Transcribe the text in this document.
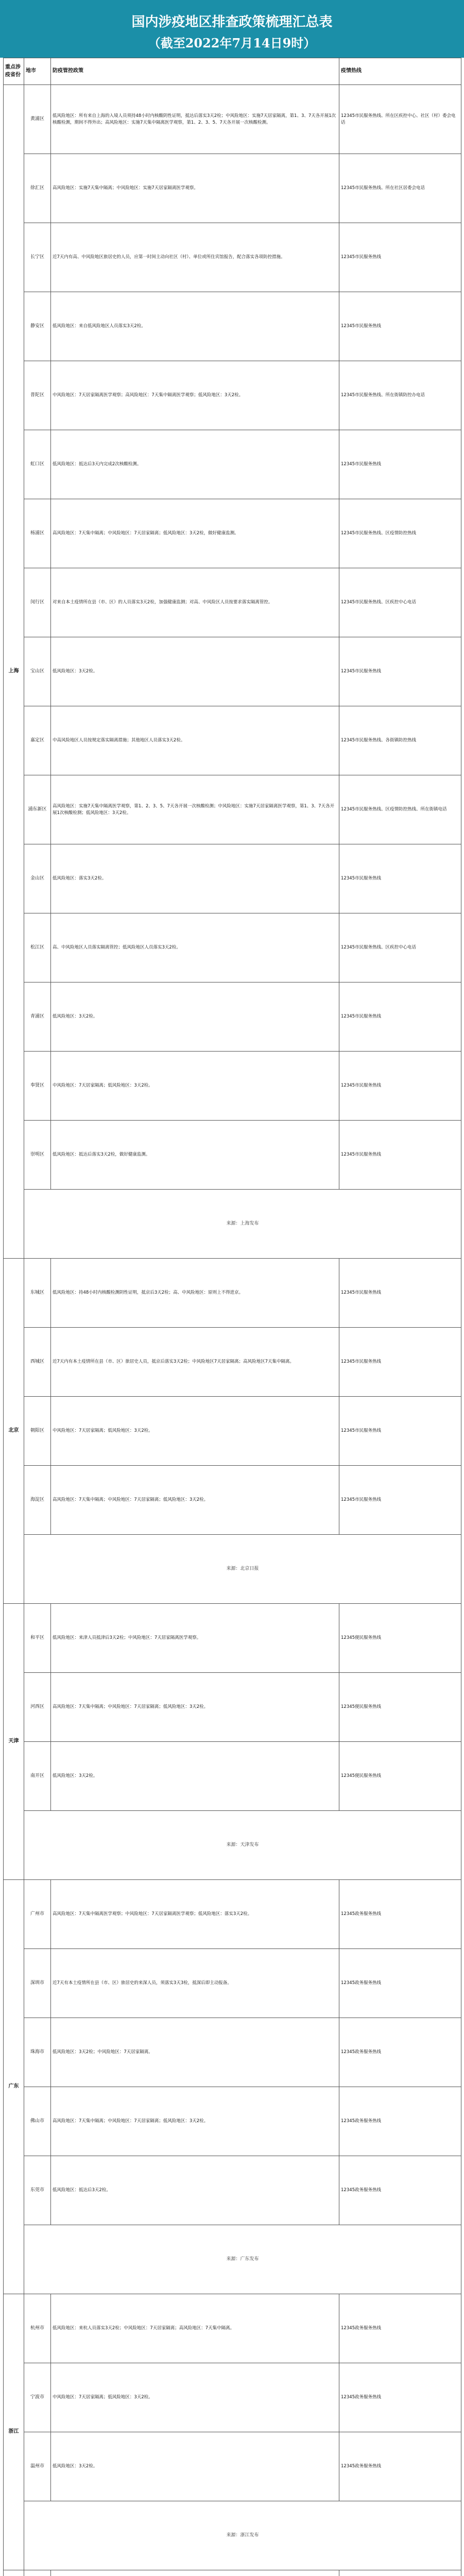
国内涉疫地区排查政策梳理汇总表
（截至2022年7月14日9时）
重点涉疫省份	地市	防疫管控政策	疫情热线
上海	黄浦区	低风险地区：所有来自上海的入境人员须持48小时内核酸阴性证明，抵达后落实3天2检；中风险地区：实施7天居家隔离，第1、3、7天各开展1次核酸检测，期间不得外出；高风险地区：实施7天集中隔离医学观察，第1、2、3、5、7天各开展一次核酸检测。	12345市民服务热线、所在区疾控中心、社区（村）委会电话
	徐汇区	高风险地区：实施7天集中隔离；中风险地区：实施7天居家隔离医学观察。	12345市民服务热线、所在社区居委会电话
	长宁区	近7天内有高、中风险地区旅居史的人员，应第一时间主动向社区（村）、单位或所住宾馆报告，配合落实各项防控措施。	12345市民服务热线
	静安区	低风险地区：来自低风险地区人员落实3天2检。	12345市民服务热线
	普陀区	中风险地区：7天居家隔离医学观察；高风险地区：7天集中隔离医学观察；低风险地区：3天2检。	12345市民服务热线、所在街镇防控办电话
	虹口区	低风险地区：抵达后3天内完成2次核酸检测。	12345市民服务热线
	杨浦区	高风险地区：7天集中隔离；中风险地区：7天居家隔离；低风险地区：3天2检，做好健康监测。	12345市民服务热线、区疫情防控热线
	闵行区	对来自本土疫情所在县（市、区）的人员落实3天2检，加强健康监测；对高、中风险区人员按要求落实隔离管控。	12345市民服务热线、区疾控中心电话
	宝山区	低风险地区：3天2检。	12345市民服务热线
	嘉定区	中高风险地区人员按规定落实隔离措施；其他地区人员落实3天2检。	12345市民服务热线、各街镇防控热线
	浦东新区	高风险地区：实施7天集中隔离医学观察，第1、2、3、5、7天各开展一次核酸检测；中风险地区：实施7天居家隔离医学观察，第1、3、7天各开展1次核酸检测；低风险地区：3天2检。	12345市民服务热线、区疫情防控热线、所在街镇电话
	金山区	低风险地区：落实3天2检。	12345市民服务热线
	松江区	高、中风险地区人员落实隔离管控；低风险地区人员落实3天2检。	12345市民服务热线、区疾控中心电话
	青浦区	低风险地区：3天2检。	12345市民服务热线
	奉贤区	中风险地区：7天居家隔离；低风险地区：3天2检。	12345市民服务热线
	崇明区	低风险地区：抵达后落实3天2检，做好健康监测。	12345市民服务热线
	来源：上海发布		
北京	东城区	低风险地区：持48小时内核酸检测阴性证明，抵京后3天2检；高、中风险地区：原则上不得进京。	12345市民服务热线
	西城区	近7天内有本土疫情所在县（市、区）旅居史人员，抵京后落实3天2检；中风险地区7天居家隔离；高风险地区7天集中隔离。	12345市民服务热线
	朝阳区	中风险地区：7天居家隔离；低风险地区：3天2检。	12345市民服务热线
	海淀区	高风险地区：7天集中隔离；中风险地区：7天居家隔离；低风险地区：3天2检。	12345市民服务热线
	来源：北京日报		
天津	和平区	低风险地区：来津人员抵津后3天2检；中风险地区：7天居家隔离医学观察。	12345便民服务热线
	河西区	高风险地区：7天集中隔离；中风险地区：7天居家隔离；低风险地区：3天2检。	12345便民服务热线
	南开区	低风险地区：3天2检。	12345便民服务热线
	来源：天津发布		
广东	广州市	高风险地区：7天集中隔离医学观察；中风险地区：7天居家隔离医学观察；低风险地区：落实3天2检。	12345政务服务热线
	深圳市	近7天有本土疫情所在县（市、区）旅居史的来深人员，须落实3天3检，抵深后即主动报备。	12345政务服务热线
	珠海市	低风险地区：3天2检；中风险地区：7天居家隔离。	12345政务服务热线
	佛山市	高风险地区：7天集中隔离；中风险地区：7天居家隔离；低风险地区：3天2检。	12345政务服务热线
	东莞市	低风险地区：抵达后3天2检。	12345政务服务热线
	来源：广东发布		
浙江	杭州市	低风险地区：来杭人员落实3天2检；中风险地区：7天居家隔离；高风险地区：7天集中隔离。	12345政务服务热线
	宁波市	中风险地区：7天居家隔离；低风险地区：3天2检。	12345政务服务热线
	温州市	低风险地区：3天2检。	12345政务服务热线
	来源：浙江发布		
